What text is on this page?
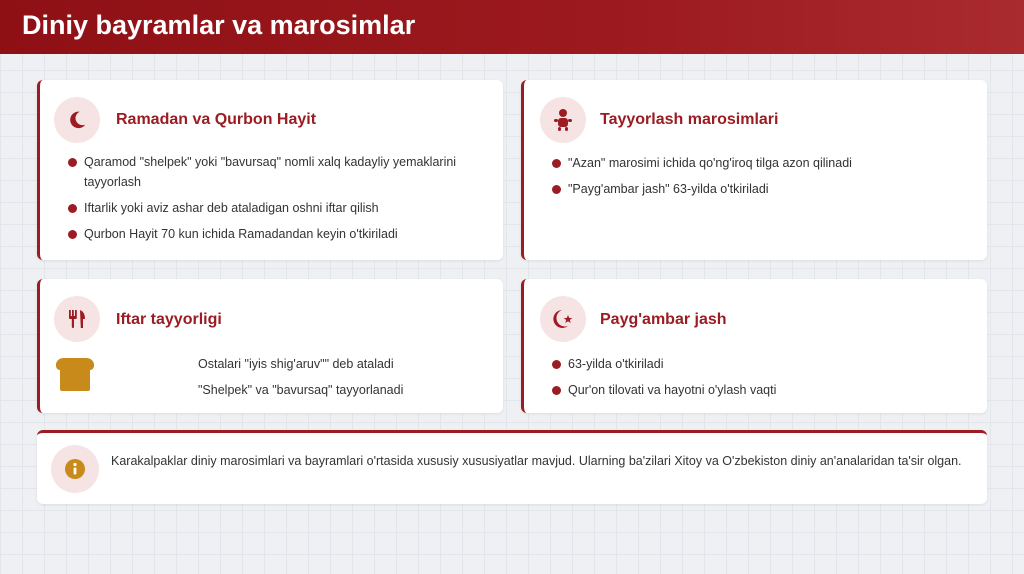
Diniy bayramlar va marosimlar
Ramadan va Qurbon Hayit
Qaramod "shelpek" yoki "bavursaq" nomli xalq kadayliy yemaklarini tayyorlash
Iftarlik yoki aviz ashar deb ataladigan oshni iftar qilish
Qurbon Hayit 70 kun ichida Ramadandan keyin o'tkiriladi
Tayyorlash marosimlari
"Azan" marosimi ichida qo'ng'iroq tilga azon qilinadi
"Payg'ambar jash" 63-yilda o'tkiriladi
Iftar tayyorligi
Ostalari "iyis shig'aruv"" deb ataladi
"Shelpek" va "bavursaq" tayyorlanadi
Payg'ambar jash
63-yilda o'tkiriladi
Qur'on tilovati va hayotni o'ylash vaqti
Karakalpaklar diniy marosimlari va bayramlari o'rtasida xususiy xususiyatlar mavjud. Ularning ba'zilari Xitoy va O'zbekiston diniy an'analaridan ta'sir olgan.
